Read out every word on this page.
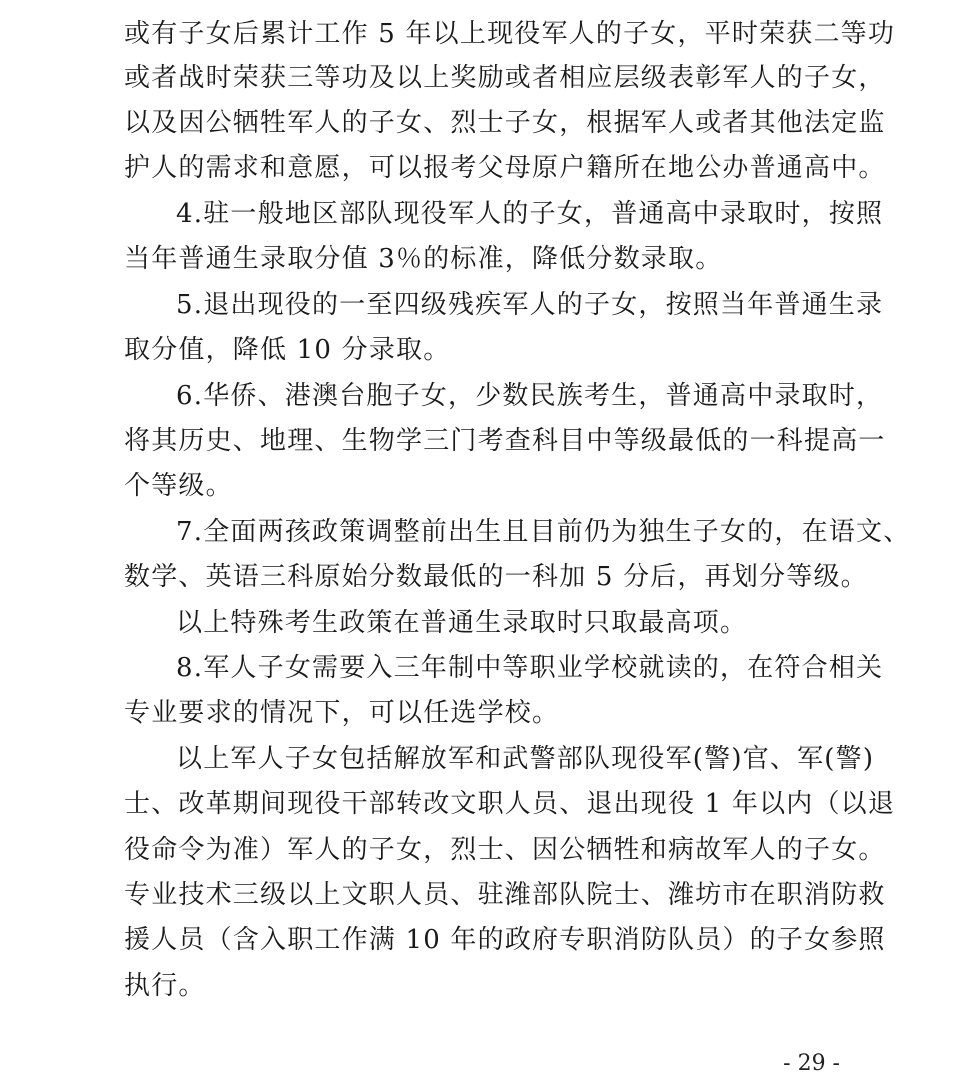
或有子女后累计工作 5 年以上现役军人的子女，平时荣获二等功
或者战时荣获三等功及以上奖励或者相应层级表彰军人的子女，
以及因公牺牲军人的子女、烈士子女，根据军人或者其他法定监
护人的需求和意愿，可以报考父母原户籍所在地公办普通高中。
4.驻一般地区部队现役军人的子女，普通高中录取时，按照
当年普通生录取分值 3％的标准，降低分数录取。
5.退出现役的一至四级残疾军人的子女，按照当年普通生录
取分值，降低 10 分录取。
6.华侨、港澳台胞子女，少数民族考生，普通高中录取时，
将其历史、地理、生物学三门考查科目中等级最低的一科提高一
个等级。
7.全面两孩政策调整前出生且目前仍为独生子女的，在语文、
数学、英语三科原始分数最低的一科加 5 分后，再划分等级。
以上特殊考生政策在普通生录取时只取最高项。
8.军人子女需要入三年制中等职业学校就读的，在符合相关
专业要求的情况下，可以任选学校。
以上军人子女包括解放军和武警部队现役军(警)官、军(警)
士、改革期间现役干部转改文职人员、退出现役 1 年以内（以退
役命令为准）军人的子女，烈士、因公牺牲和病故军人的子女。
专业技术三级以上文职人员、驻潍部队院士、潍坊市在职消防救
援人员（含入职工作满 10 年的政府专职消防队员）的子女参照
执行。
- 29 -
